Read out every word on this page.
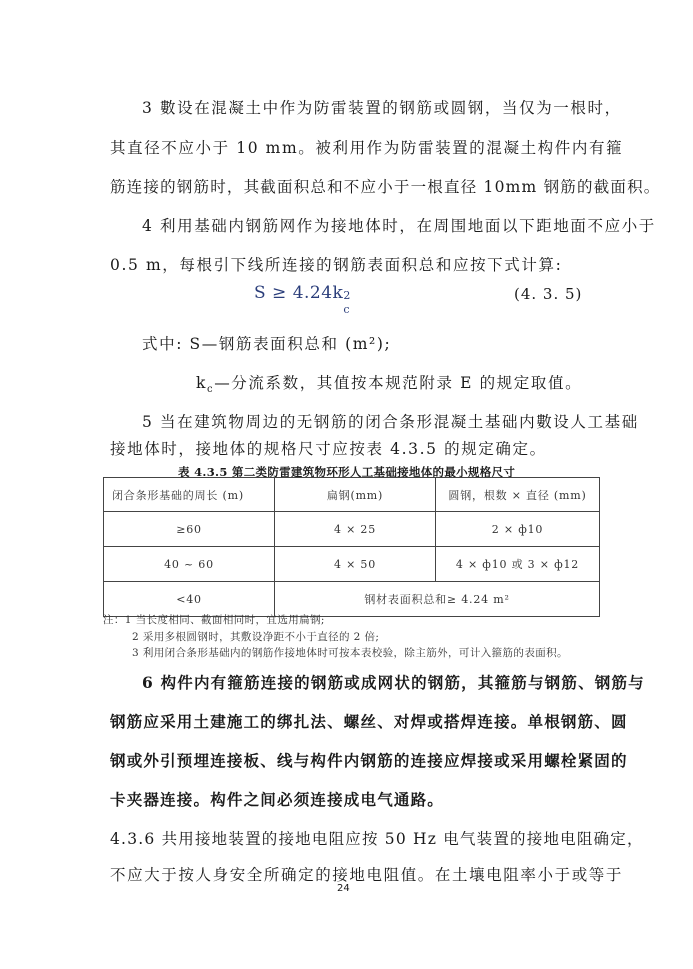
3 數设在混凝土中作为防雷装置的钢筋或圆钢，当仅为一根时，
其直径不应小于 10 mm。被利用作为防雷装置的混凝土构件内有箍
筋连接的钢筋时，其截面积总和不应小于一根直径 10mm 钢筋的截面积。
4 利用基础内钢筋网作为接地体时，在周围地面以下距地面不应小于
0.5 m，每根引下线所连接的钢筋表面积总和应按下式计算:
S ≥ 4.24k 2
c
(4. 3. 5)
式中: S—钢筋表面积总和 (m²);
$k_c—$分流系数，其值按本规范附录 E 的规定取值。
5 当在建筑物周边的无钢筋的闭合条形混凝土基础内數设人工基础
接地体时，接地体的规格尺寸应按表 4.3.5 的规定确定。
表 4.3.5 第二类防雷建筑物环形人工基础接地体的最小规格尺寸
闭合条形基础的周长 (m)	扁钢(mm)	圆钢，根数 × 直径 (mm)
≥60	4 × 25	2 × ф10
40 ~ 60	4 × 50	4 × ф10 或 3 × ф12
<40	钢材表面积总和≥ 4.24 m²	
注：1 当长度相同、截面相同时，宜选用扁钢;
2 采用多根圆钢时，其敷设净距不小于直径的 2 倍;
3 利用闭合条形基础内的钢筋作接地体时可按本表校验，除主筋外，可计入箍筋的表面积。
6 构件内有箍筋连接的钢筋或成网状的钢筋，其箍筋与钢筋、钢筋与
钢筋应采用土建施工的绑扎法、螺丝、对焊或搭焊连接。单根钢筋、圆
钢或外引预埋连接板、线与构件内钢筋的连接应焊接或采用螺栓紧固的
卡夹器连接。构件之间必须连接成电气通路。
4.3.6 共用接地装置的接地电阻应按 50 Hz 电气装置的接地电阻确定，
不应大于按人身安全所确定的接地电阻值。在土壤电阻率小于或等于
24
